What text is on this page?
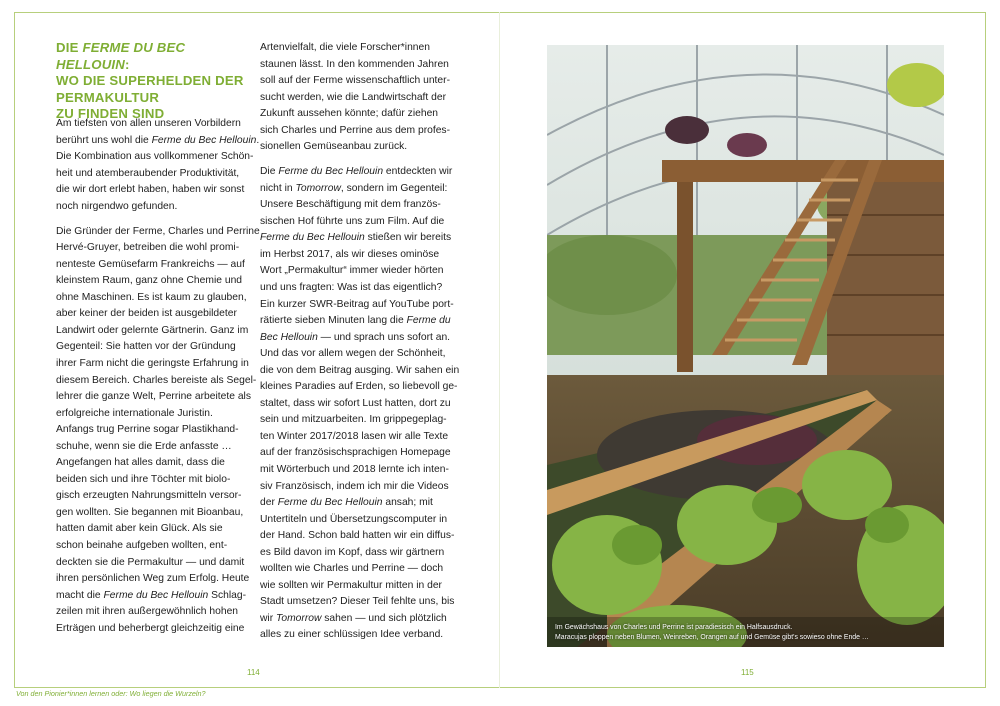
DIE FERME DU BEC HELLOUIN:
WO DIE SUPERHELDEN DER
PERMAKULTUR
ZU FINDEN SIND

Am tiefsten von allen unseren Vorbildern
berührt uns wohl die Ferme du Bec Hellouin.
Die Kombination aus vollkommener Schön-
heit und atemberaubender Produktivität,
die wir dort erlebt haben, haben wir sonst
noch nirgendwo gefunden.

Die Gründer der Ferme, Charles und Perrine
Hervé-Gruyer, betreiben die wohl promi-
nenteste Gemüsefarm Frankreichs — auf
kleinstem Raum, ganz ohne Chemie und
ohne Maschinen. Es ist kaum zu glauben,
aber keiner der beiden ist ausgebildeter
Landwirt oder gelernte Gärtnerin. Ganz im
Gegenteil: Sie hatten vor der Gründung
ihrer Farm nicht die geringste Erfahrung in
diesem Bereich. Charles bereiste als Segel-
lehrer die ganze Welt, Perrine arbeitete als
erfolgreiche internationale Juristin.
Anfangs trug Perrine sogar Plastikhand-
schuhe, wenn sie die Erde anfasste …
Angefangen hat alles damit, dass die
beiden sich und ihre Töchter mit biolo-
gisch erzeugten Nahrungsmitteln versor-
gen wollten. Sie begannen mit Bioanbau,
hatten damit aber kein Glück. Als sie
schon beinahe aufgeben wollten, ent-
deckten sie die Permakultur — und damit
ihren persönlichen Weg zum Erfolg. Heute
macht die Ferme du Bec Hellouin Schlag-
zeilen mit ihren außergewöhnlich hohen
Erträgen und beherbergt gleichzeitig eine

Artenvielfalt, die viele Forscher*innen
staunen lässt. In den kommenden Jahren
soll auf der Ferme wissenschaftlich unter-
sucht werden, wie die Landwirtschaft der
Zukunft aussehen könnte; dafür ziehen
sich Charles und Perrine aus dem profes-
sionellen Gemüseanbau zurück.

Die Ferme du Bec Hellouin entdeckten wir
nicht in Tomorrow, sondern im Gegenteil:
Unsere Beschäftigung mit dem französ-
sischen Hof führte uns zum Film. Auf die
Ferme du Bec Hellouin stießen wir bereits
im Herbst 2017, als wir dieses ominöse
Wort „Permakultur“ immer wieder hörten
und uns fragten: Was ist das eigentlich?
Ein kurzer SWR-Beitrag auf YouTube port-
rätierte sieben Minuten lang die Ferme du
Bec Hellouin — und sprach uns sofort an.
Und das vor allem wegen der Schönheit,
die von dem Beitrag ausging. Wir sahen ein
kleines Paradies auf Erden, so liebevoll ge-
staltet, dass wir sofort Lust hatten, dort zu
sein und mitzuarbeiten. Im grippegeplag-
ten Winter 2017/2018 lasen wir alle Texte
auf der französischsprachigen Homepage
mit Wörterbuch und 2018 lernte ich inten-
siv Französisch, indem ich mir die Videos
der Ferme du Bec Hellouin ansah; mit
Untertiteln und Übersetzungscomputer in
der Hand. Schon bald hatten wir ein diffus-
es Bild davon im Kopf, dass wir gärtnern
wollten wie Charles und Perrine — doch
wie sollten wir Permakultur mitten in der
Stadt umsetzen? Dieser Teil fehlte uns, bis
wir Tomorrow sahen — und sich plötzlich
alles zu einer schlüssigen Idee verband.

114	115
Von den Pionier*innen lernen oder: Wo liegen die Wurzeln?
Im Gewächshaus von Charles und Perrine ist paradiesisch ein Halfsausdruck.
Maracujas ploppen neben Blumen, Weinreben, Orangen auf und Gemüse gibt's sowieso ohne Ende …
